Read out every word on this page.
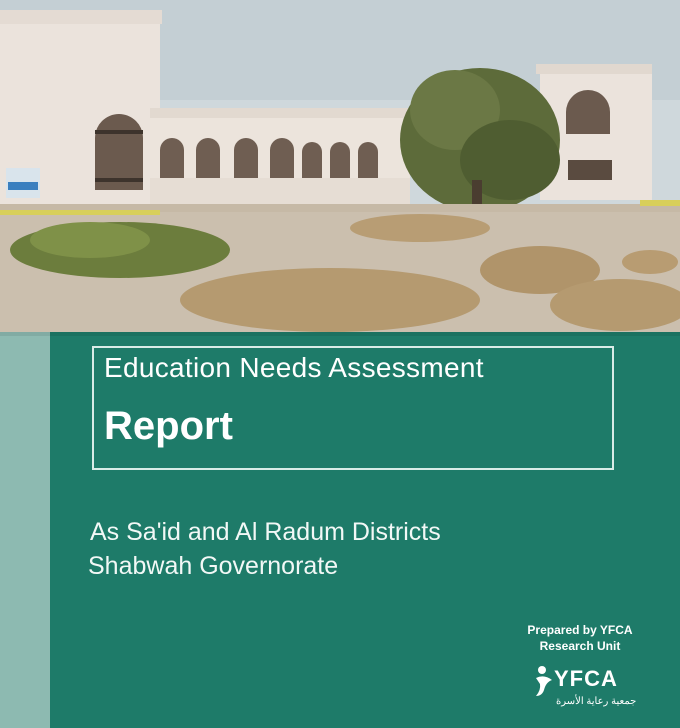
Education Needs Assessment
Report
As Sa'id and Al Radum Districts
Shabwah Governorate
Prepared by YFCA
Research Unit
YFCA
جمعية رعاية الأسرة
